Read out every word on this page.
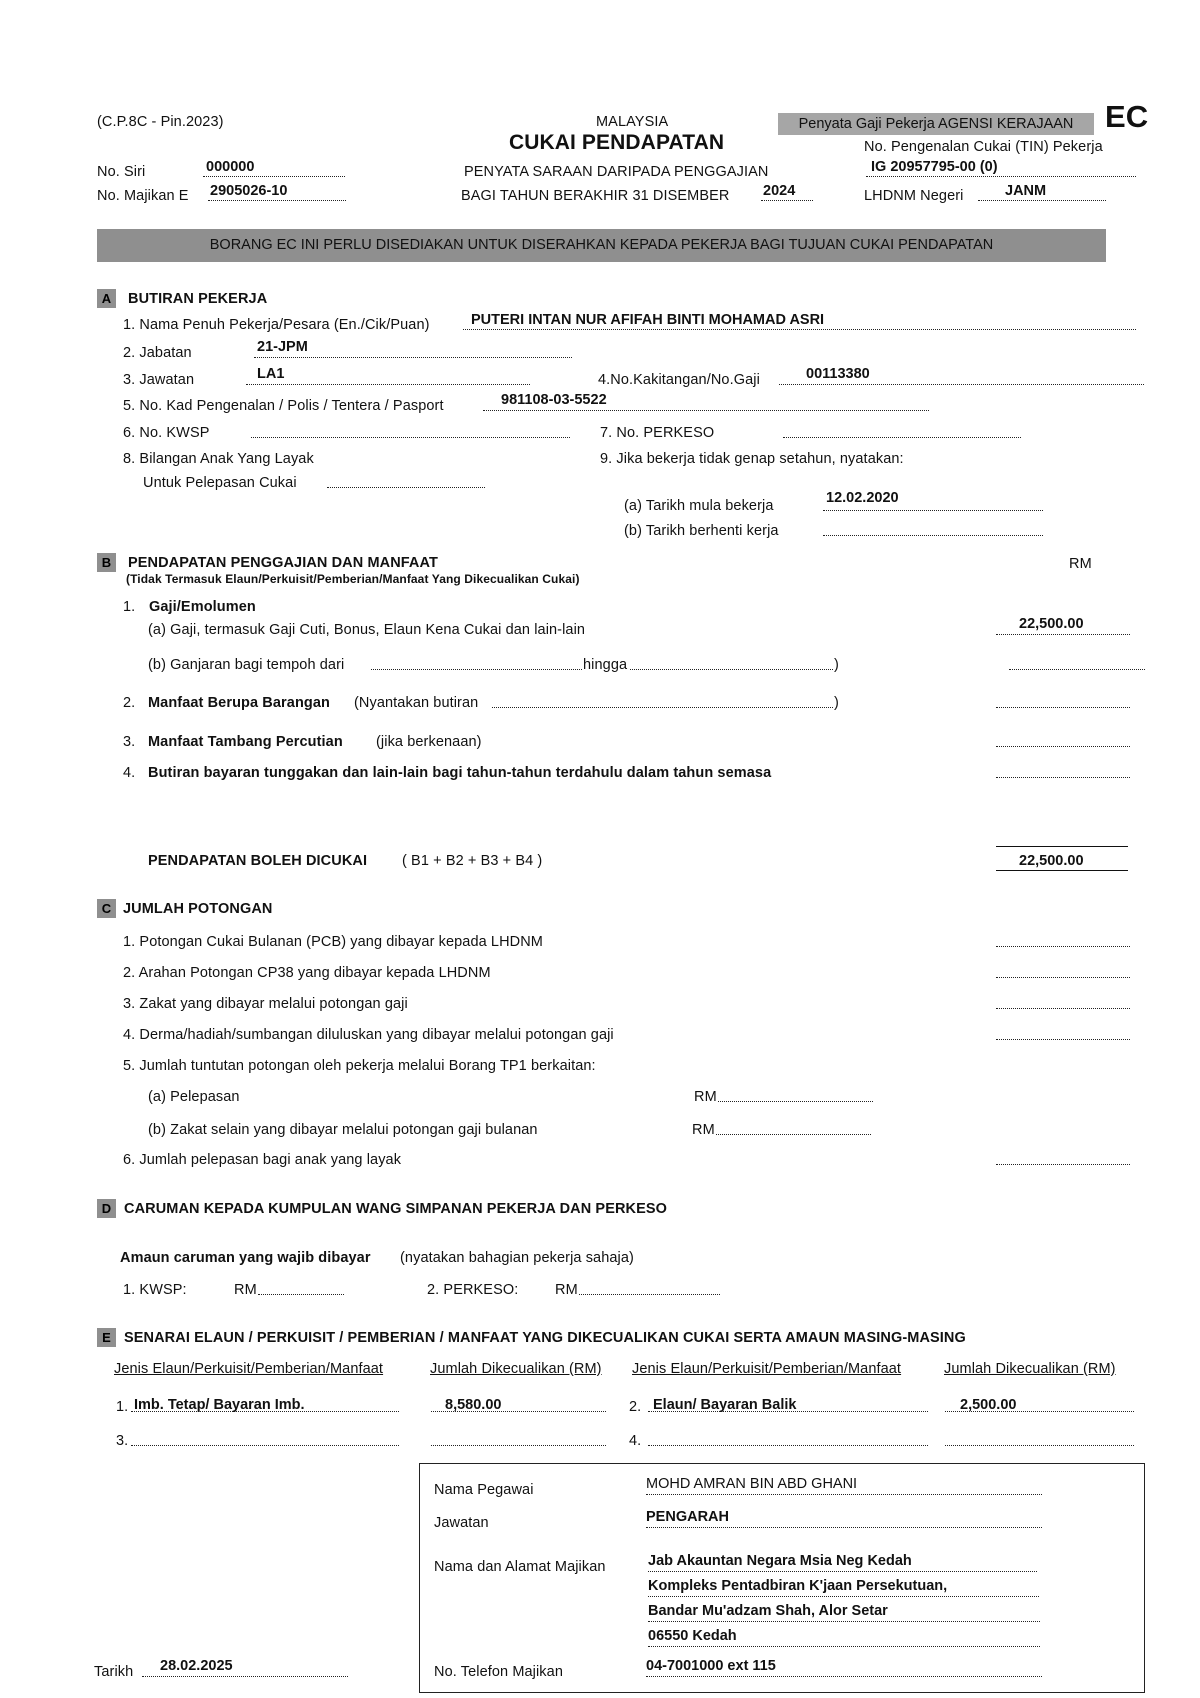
(C.P.8C - Pin.2023)	MALAYSIA
CUKAI PENDAPATAN
Penyata Gaji Pekerja AGENSI KERAJAAN	EC
No. Pengenalan Cukai (TIN) Pekerja
No. Siri	000000	PENYATA SARAAN DARIPADA PENGGAJIAN	IG 20957795-00 (0)
No. Majikan E 2905026-10	BAGI TAHUN BERAKHIR 31 DISEMBER 2024	LHDNM Negeri	JANM
BORANG EC INI PERLU DISEDIAKAN UNTUK DISERAHKAN KEPADA PEKERJA BAGI TUJUAN CUKAI PENDAPATAN
A	BUTIRAN PEKERJA
1. Nama Penuh Pekerja/Pesara (En./Cik/Puan)	PUTERI INTAN NUR AFIFAH BINTI MOHAMAD ASRI
2. Jabatan	21-JPM
3. Jawatan	LA1	4.No.Kakitangan/No.Gaji	00113380
5. No. Kad Pengenalan / Polis / Tentera / Pasport	981108-03-5522
6. No. KWSP	7. No. PERKESO
8. Bilangan Anak Yang Layak	9. Jika bekerja tidak genap setahun, nyatakan:
Untuk Pelepasan Cukai
(a) Tarikh mula bekerja	12.02.2020
(b) Tarikh berhenti kerja
B	PENDAPATAN PENGGAJIAN DAN MANFAAT
(Tidak Termasuk Elaun/Perkuisit/Pemberian/Manfaat Yang Dikecualikan Cukai)
RM
1. Gaji/Emolumen
(a) Gaji, termasuk Gaji Cuti, Bonus, Elaun Kena Cukai dan lain-lain	22,500.00
(b) Ganjaran bagi tempoh dari	hingga	)
2. Manfaat Berupa Barangan (Nyantakan butiran	)
3. Manfaat Tambang Percutian (jika berkenaan)
4. Butiran bayaran tunggakan dan lain-lain bagi tahun-tahun terdahulu dalam tahun semasa
PENDAPATAN BOLEH DICUKAI ( B1 + B2 + B3 + B4 )	22,500.00
C JUMLAH POTONGAN
1. Potongan Cukai Bulanan (PCB) yang dibayar kepada LHDNM
2. Arahan Potongan CP38 yang dibayar kepada LHDNM
3. Zakat yang dibayar melalui potongan gaji
4. Derma/hadiah/sumbangan diluluskan yang dibayar melalui potongan gaji
5. Jumlah tuntutan potongan oleh pekerja melalui Borang TP1 berkaitan:
(a) Pelepasan	RM
(b) Zakat selain yang dibayar melalui potongan gaji bulanan	RM
6. Jumlah pelepasan bagi anak yang layak
D CARUMAN KEPADA KUMPULAN WANG SIMPANAN PEKERJA DAN PERKESO
Amaun caruman yang wajib dibayar (nyatakan bahagian pekerja sahaja)
1. KWSP:	RM	2. PERKESO:	RM
E SENARAI ELAUN / PERKUISIT / PEMBERIAN / MANFAAT YANG DIKECUALIKAN CUKAI SERTA AMAUN MASING-MASING
Jenis Elaun/Perkuisit/Pemberian/Manfaat	Jumlah Dikecualikan (RM) Jenis Elaun/Perkuisit/Pemberian/Manfaat	Jumlah Dikecualikan (RM)
1. Imb. Tetap/ Bayaran Imb.	8,580.00	2. Elaun/ Bayaran Balik	2,500.00
3.	4.
Nama Pegawai	MOHD AMRAN BIN ABD GHANI
Jawatan	PENGARAH
Nama dan Alamat Majikan	Jab Akauntan Negara Msia Neg Kedah
Kompleks Pentadbiran K'jaan Persekutuan,
Bandar Mu'adzam Shah, Alor Setar
06550 Kedah
No. Telefon Majikan	04-7001000 ext 115
Tarikh 28.02.2025
